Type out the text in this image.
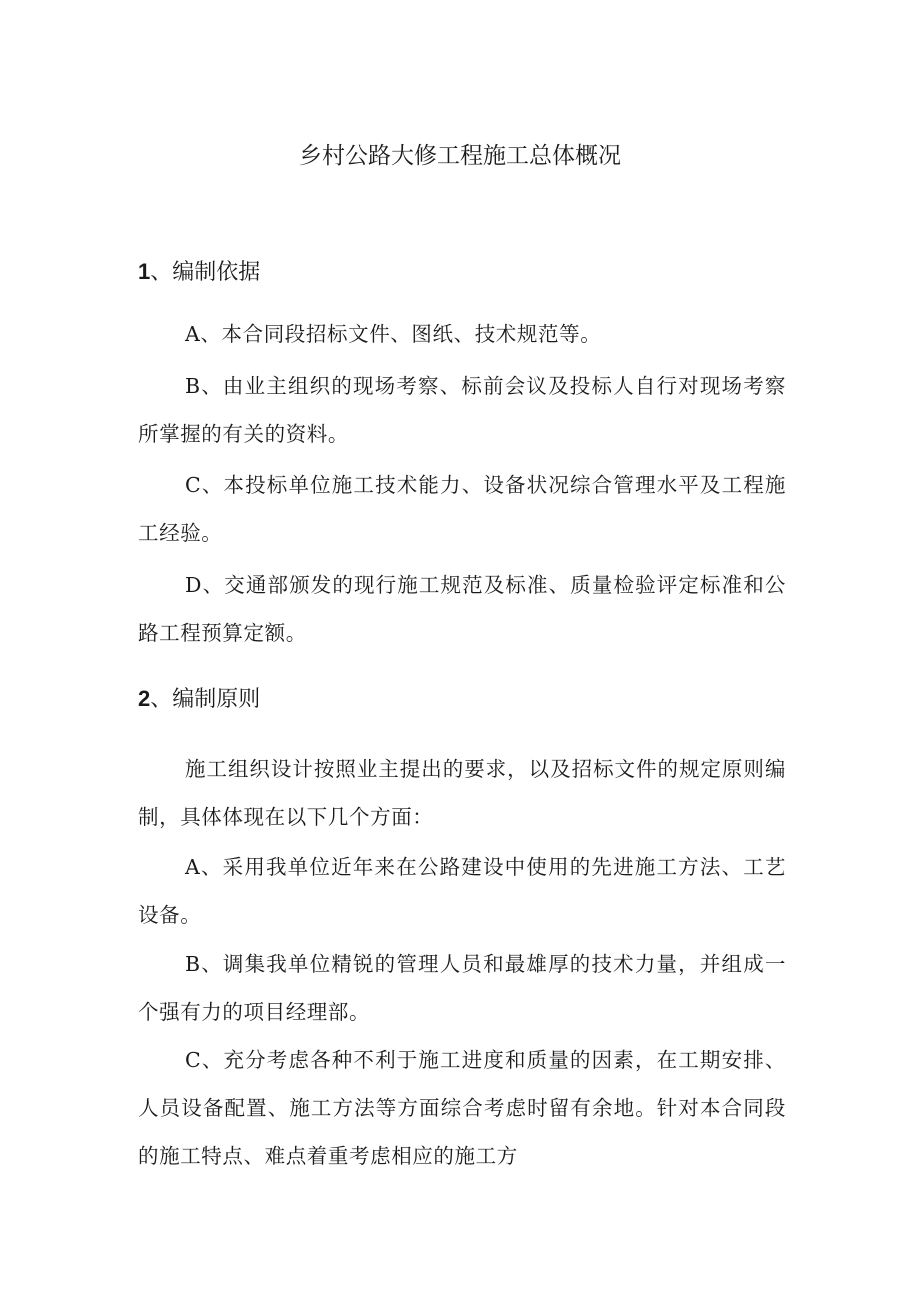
乡村公路大修工程施工总体概况
1、编制依据

A、本合同段招标文件、图纸、技术规范等。

B、由业主组织的现场考察、标前会议及投标人自行对现场考察所掌握的有关的资料。

C、本投标单位施工技术能力、设备状况综合管理水平及工程施工经验。

D、交通部颁发的现行施工规范及标准、质量检验评定标准和公路工程预算定额。

2、编制原则

施工组织设计按照业主提出的要求，以及招标文件的规定原则编制，具体体现在以下几个方面：

A、采用我单位近年来在公路建设中使用的先进施工方法、工艺设备。

B、调集我单位精锐的管理人员和最雄厚的技术力量，并组成一个强有力的项目经理部。

C、充分考虑各种不利于施工进度和质量的因素，在工期安排、人员设备配置、施工方法等方面综合考虑时留有余地。针对本合同段的施工特点、难点着重考虑相应的施工方
